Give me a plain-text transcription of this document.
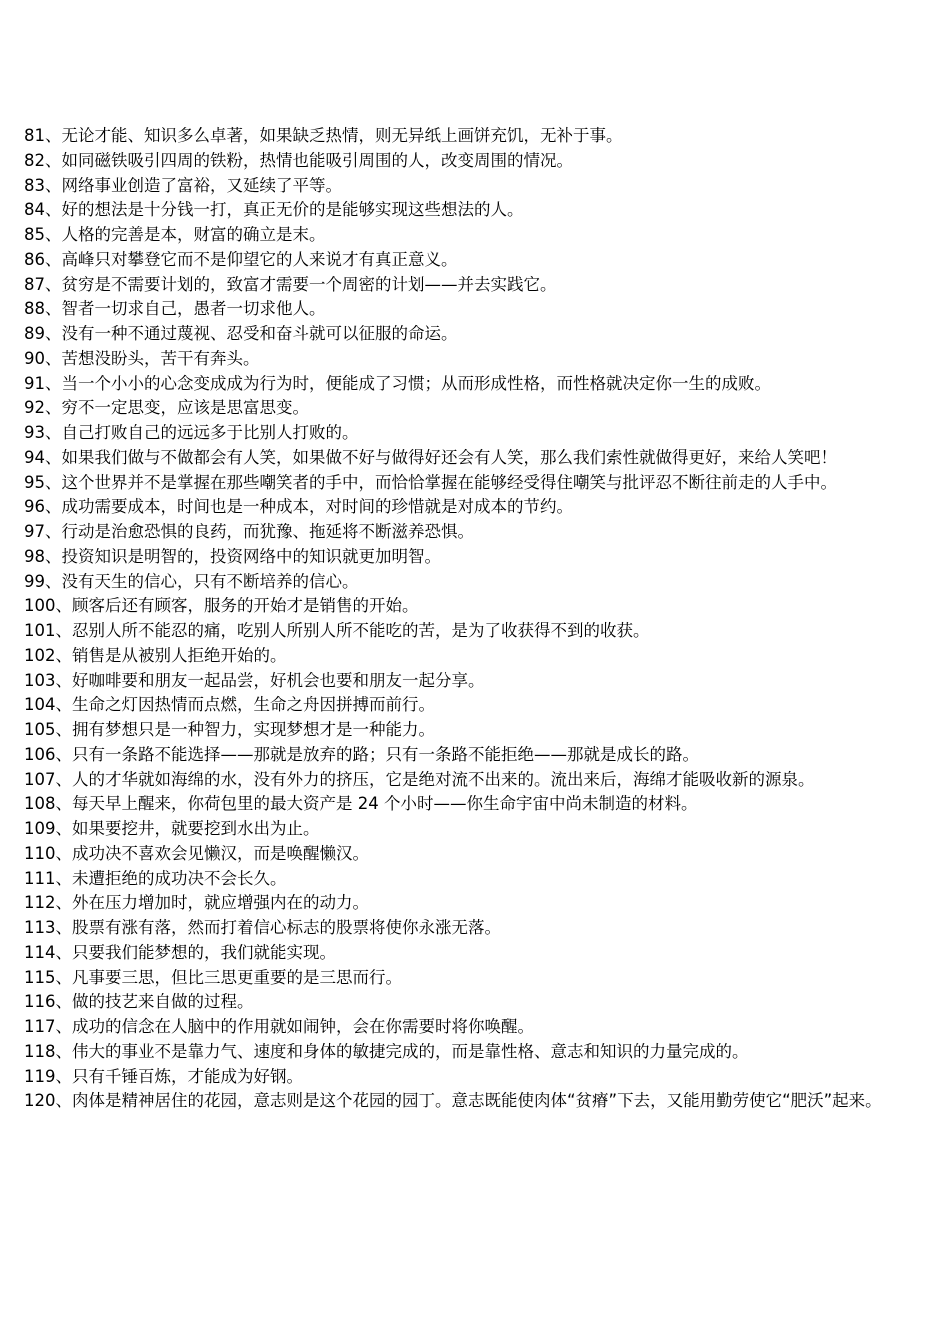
81、无论才能、知识多么卓著，如果缺乏热情，则无异纸上画饼充饥，无补于事。
82、如同磁铁吸引四周的铁粉，热情也能吸引周围的人，改变周围的情况。
83、网络事业创造了富裕，又延续了平等。
84、好的想法是十分钱一打，真正无价的是能够实现这些想法的人。
85、人格的完善是本，财富的确立是末。
86、高峰只对攀登它而不是仰望它的人来说才有真正意义。
87、贫穷是不需要计划的，致富才需要一个周密的计划——并去实践它。
88、智者一切求自己，愚者一切求他人。
89、没有一种不通过蔑视、忍受和奋斗就可以征服的命运。
90、苦想没盼头，苦干有奔头。
91、当一个小小的心念变成成为行为时，便能成了习惯；从而形成性格，而性格就决定你一生的成败。
92、穷不一定思变，应该是思富思变。
93、自己打败自己的远远多于比别人打败的。
94、如果我们做与不做都会有人笑，如果做不好与做得好还会有人笑，那么我们索性就做得更好，来给人笑吧！
95、这个世界并不是掌握在那些嘲笑者的手中，而恰恰掌握在能够经受得住嘲笑与批评忍不断往前走的人手中。
96、成功需要成本，时间也是一种成本，对时间的珍惜就是对成本的节约。
97、行动是治愈恐惧的良药，而犹豫、拖延将不断滋养恐惧。
98、投资知识是明智的，投资网络中的知识就更加明智。
99、没有天生的信心，只有不断培养的信心。
100、顾客后还有顾客，服务的开始才是销售的开始。
101、忍别人所不能忍的痛，吃别人所别人所不能吃的苦，是为了收获得不到的收获。
102、销售是从被别人拒绝开始的。
103、好咖啡要和朋友一起品尝，好机会也要和朋友一起分享。
104、生命之灯因热情而点燃，生命之舟因拼搏而前行。
105、拥有梦想只是一种智力，实现梦想才是一种能力。
106、只有一条路不能选择——那就是放弃的路；只有一条路不能拒绝——那就是成长的路。
107、人的才华就如海绵的水，没有外力的挤压，它是绝对流不出来的。流出来后，海绵才能吸收新的源泉。
108、每天早上醒来，你荷包里的最大资产是 24 个小时——你生命宇宙中尚未制造的材料。
109、如果要挖井，就要挖到水出为止。
110、成功决不喜欢会见懒汉，而是唤醒懒汉。
111、未遭拒绝的成功决不会长久。
112、外在压力增加时，就应增强内在的动力。
113、股票有涨有落，然而打着信心标志的股票将使你永涨无落。
114、只要我们能梦想的，我们就能实现。
115、凡事要三思，但比三思更重要的是三思而行。
116、做的技艺来自做的过程。
117、成功的信念在人脑中的作用就如闹钟，会在你需要时将你唤醒。
118、伟大的事业不是靠力气、速度和身体的敏捷完成的，而是靠性格、意志和知识的力量完成的。
119、只有千锤百炼，才能成为好钢。
120、肉体是精神居住的花园，意志则是这个花园的园丁。意志既能使肉体“贫瘠”下去，又能用勤劳使它“肥沃”起来。
